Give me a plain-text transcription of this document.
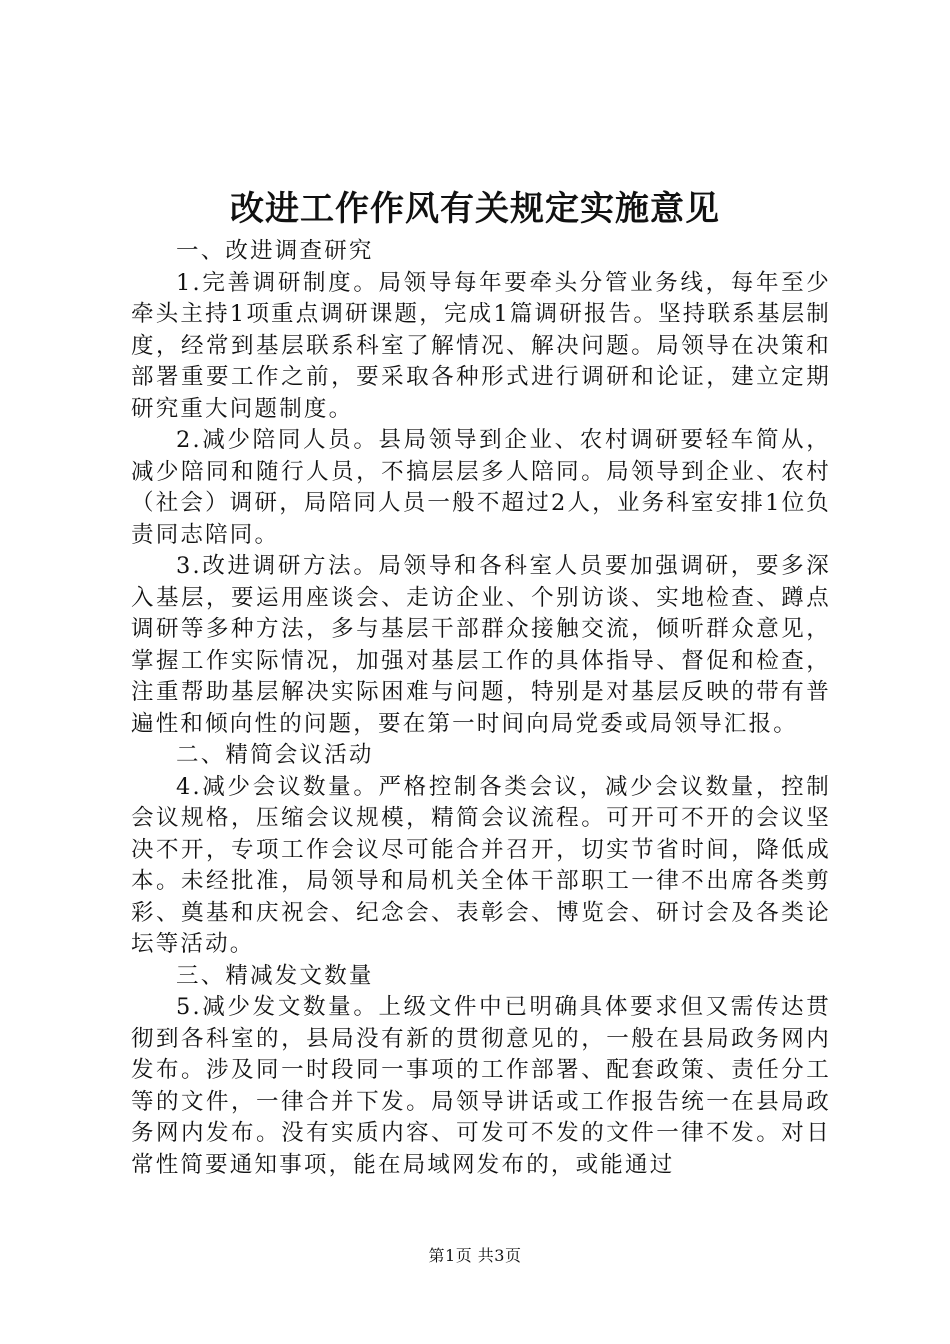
改进工作作风有关规定实施意见

一、改进调查研究

1.完善调研制度。局领导每年要牵头分管业务线，每年至少牵头主持1项重点调研课题，完成1篇调研报告。坚持联系基层制度，经常到基层联系科室了解情况、解决问题。局领导在决策和部署重要工作之前，要采取各种形式进行调研和论证，建立定期研究重大问题制度。

2.减少陪同人员。县局领导到企业、农村调研要轻车简从，减少陪同和随行人员，不搞层层多人陪同。局领导到企业、农村（社会）调研，局陪同人员一般不超过2人，业务科室安排1位负责同志陪同。

3.改进调研方法。局领导和各科室人员要加强调研，要多深入基层，要运用座谈会、走访企业、个别访谈、实地检查、蹲点调研等多种方法，多与基层干部群众接触交流，倾听群众意见，掌握工作实际情况，加强对基层工作的具体指导、督促和检查，注重帮助基层解决实际困难与问题，特别是对基层反映的带有普遍性和倾向性的问题，要在第一时间向局党委或局领导汇报。

二、精简会议活动

4.减少会议数量。严格控制各类会议，减少会议数量，控制会议规格，压缩会议规模，精简会议流程。可开可不开的会议坚决不开，专项工作会议尽可能合并召开，切实节省时间，降低成本。未经批准，局领导和局机关全体干部职工一律不出席各类剪彩、奠基和庆祝会、纪念会、表彰会、博览会、研讨会及各类论坛等活动。

三、精减发文数量

5.减少发文数量。上级文件中已明确具体要求但又需传达贯彻到各科室的，县局没有新的贯彻意见的，一般在县局政务网内发布。涉及同一时段同一事项的工作部署、配套政策、责任分工等的文件，一律合并下发。局领导讲话或工作报告统一在县局政务网内发布。没有实质内容、可发可不发的文件一律不发。对日常性简要通知事项，能在局域网发布的，或能通过

第1页 共3页
